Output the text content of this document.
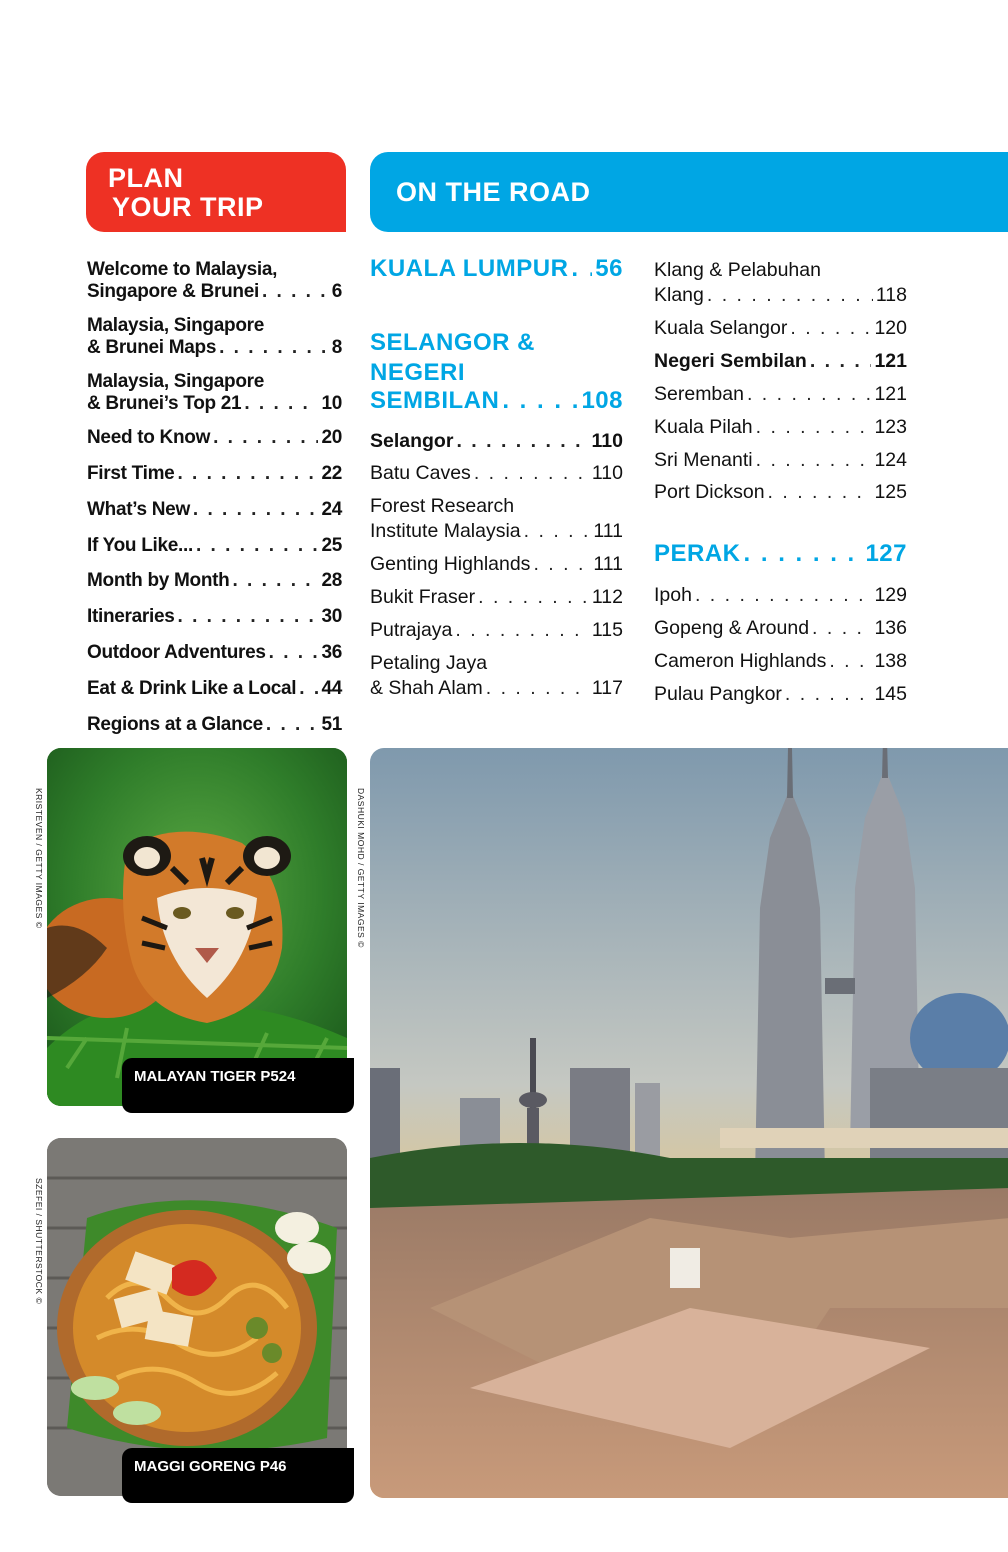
PLAN
YOUR TRIP	ON THE ROAD
Welcome to Malaysia,
Singapore & Brunei . . .	6
Malaysia, Singapore
& Brunei Maps . . .	8
Malaysia, Singapore
& Brunei’s Top 21 . . .	10
Need to Know . . .	20
First Time . . .	22
What’s New . . .	24
If You Like... . . .	25
Month by Month . . .	28
Itineraries . . .	30
Outdoor Adventures . . .	36
Eat & Drink Like a Local . . . 44
Regions at a Glance . . .	51
KUALA LUMPUR . . . 56
SELANGOR &
NEGERI
SEMBILAN . . .	108
Selangor . . .	110
Batu Caves . . .	110
Forest Research
Institute Malaysia . . .	111
Genting Highlands . . .	111
Bukit Fraser . . .	112
Putrajaya . . .	115
Petaling Jaya
& Shah Alam . . .	117
Klang & Pelabuhan
Klang . . .	118
Kuala Selangor . . .	120
Negeri Sembilan . . .	121
Seremban . . .	121
Kuala Pilah . . .	123
Sri Menanti . . .	124
Port Dickson . . .	125
PERAK . . .	127
Ipoh . . .	129
Gopeng & Around . . .	136
Cameron Highlands . . . 138
Pulau Pangkor . . .	145
KRISTEVEN / GETTY IMAGES ©
MALAYAN TIGER P524
SZEFEI / SHUTTERSTOCK ©
MAGGI GORENG P46
DASHUKI MOHD / GETTY IMAGES ©
